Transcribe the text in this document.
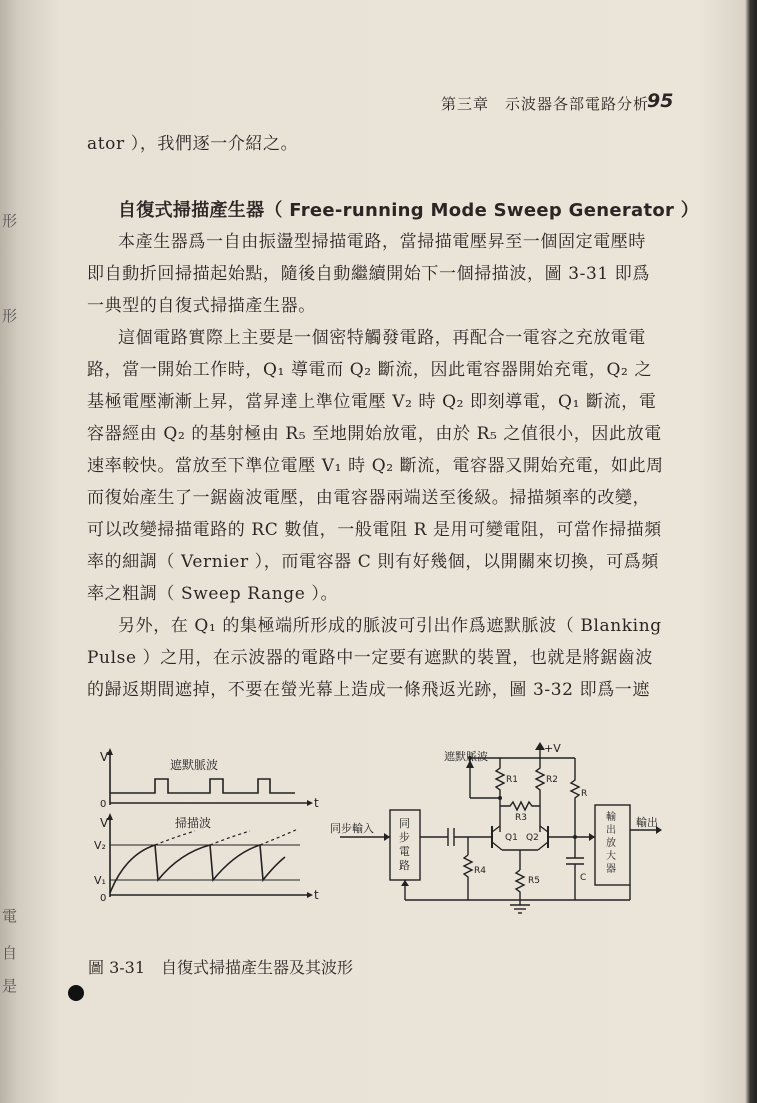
形
形
電
自
是
第三章　示波器各部電路分析
95
ator ），我們逐一介紹之。
自復式掃描產生器（ Free-running Mode Sweep Generator ）
本產生器爲一自由振盪型掃描電路，當掃描電壓昇至一個固定電壓時
即自動折回掃描起始點，隨後自動繼續開始下一個掃描波，圖 3-31 即爲
一典型的自復式掃描產生器。
這個電路實際上主要是一個密特觸發電路，再配合一電容之充放電電
路，當一開始工作時，Q₁ 導電而 Q₂ 斷流，因此電容器開始充電，Q₂ 之
基極電壓漸漸上昇，當昇達上準位電壓 V₂ 時 Q₂ 即刻導電，Q₁ 斷流，電
容器經由 Q₂ 的基射極由 R₅ 至地開始放電，由於 R₅ 之值很小，因此放電
速率較快。當放至下準位電壓 V₁ 時 Q₂ 斷流，電容器又開始充電，如此周
而復始產生了一鋸齒波電壓，由電容器兩端送至後級。掃描頻率的改變，
可以改變掃描電路的 RC 數值，一般電阻 R 是用可變電阻，可當作掃描頻
率的細調（ Vernier ），而電容器 C 則有好幾個，以開關來切換，可爲頻
率之粗調（ Sweep Range ）。
另外，在 Q₁ 的集極端所形成的脈波可引出作爲遮默脈波（ Blanking
Pulse ）之用，在示波器的電路中一定要有遮默的裝置，也就是將鋸齒波
的歸返期間遮掉，不要在螢光幕上造成一條飛返光跡，圖 3-32 即爲一遮
V
0	t
遮默脈波
V	掃描波
V₂
V₁
0	t
遮默脈波
+V
同步輸入 同
步
電
路
輸
出
放
大
器
輸出
R1	R2
R3
R4
R5
R
Q1 Q2
C
圖 3-31　自復式掃描產生器及其波形
